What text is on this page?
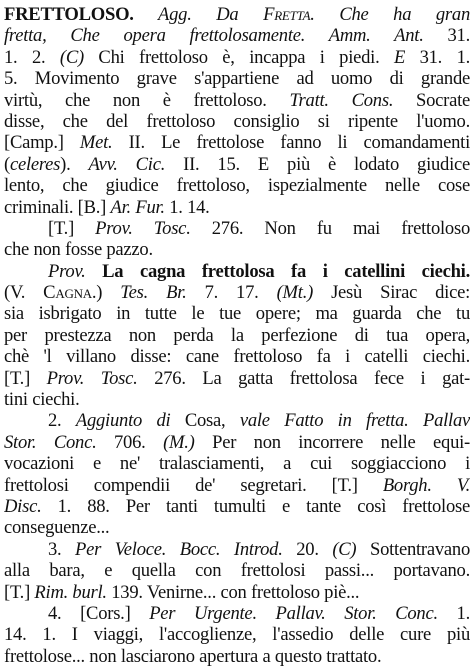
FRETTOLOSO. Agg. Da Fretta. Che ha gran
fretta, Che opera frettolosamente. Amm. Ant. 31.
1. 2. (C) Chi frettoloso è, incappa i piedi. E 31. 1.
5. Movimento grave s'appartiene ad uomo di grande
virtù, che non è frettoloso. Tratt. Cons. Socrate
disse, che del frettoloso consiglio si ripente l'uomo.
[Camp.] Met. II. Le frettolose fanno li comandamenti
(celeres). Avv. Cic. II. 15. E più è lodato giudice
lento, che giudice frettoloso, ispezialmente nelle cose
criminali. [B.] Ar. Fur. 1. 14.
[T.] Prov. Tosc. 276. Non fu mai frettoloso
che non fosse pazzo.
Prov. La cagna frettolosa fa i catellini ciechi.
(V. Cagna.) Tes. Br. 7. 17. (Mt.) Jesù Sirac dice:
sia isbrigato in tutte le tue opere; ma guarda che tu
per prestezza non perda la perfezione di tua opera,
chè 'l villano disse: cane frettoloso fa i catelli ciechi.
[T.] Prov. Tosc. 276. La gatta frettolosa fece i gat-
tini ciechi.
2. Aggiunto di Cosa, vale Fatto in fretta. Pallav
Stor. Conc. 706. (M.) Per non incorrere nelle equi-
vocazioni e ne' tralasciamenti, a cui soggiacciono i
frettolosi compendii de' segretari. [T.] Borgh. V.
Disc. 1. 88. Per tanti tumulti e tante così frettolose
conseguenze...
3. Per Veloce. Bocc. Introd. 20. (C) Sottentravano
alla bara, e quella con frettolosi passi... portavano.
[T.] Rim. burl. 139. Venirne... con frettoloso piè...
4. [Cors.] Per Urgente. Pallav. Stor. Conc. 1.
14. 1. I viaggi, l'accoglienze, l'assedio delle cure più
frettolose... non lasciarono apertura a questo trattato.
